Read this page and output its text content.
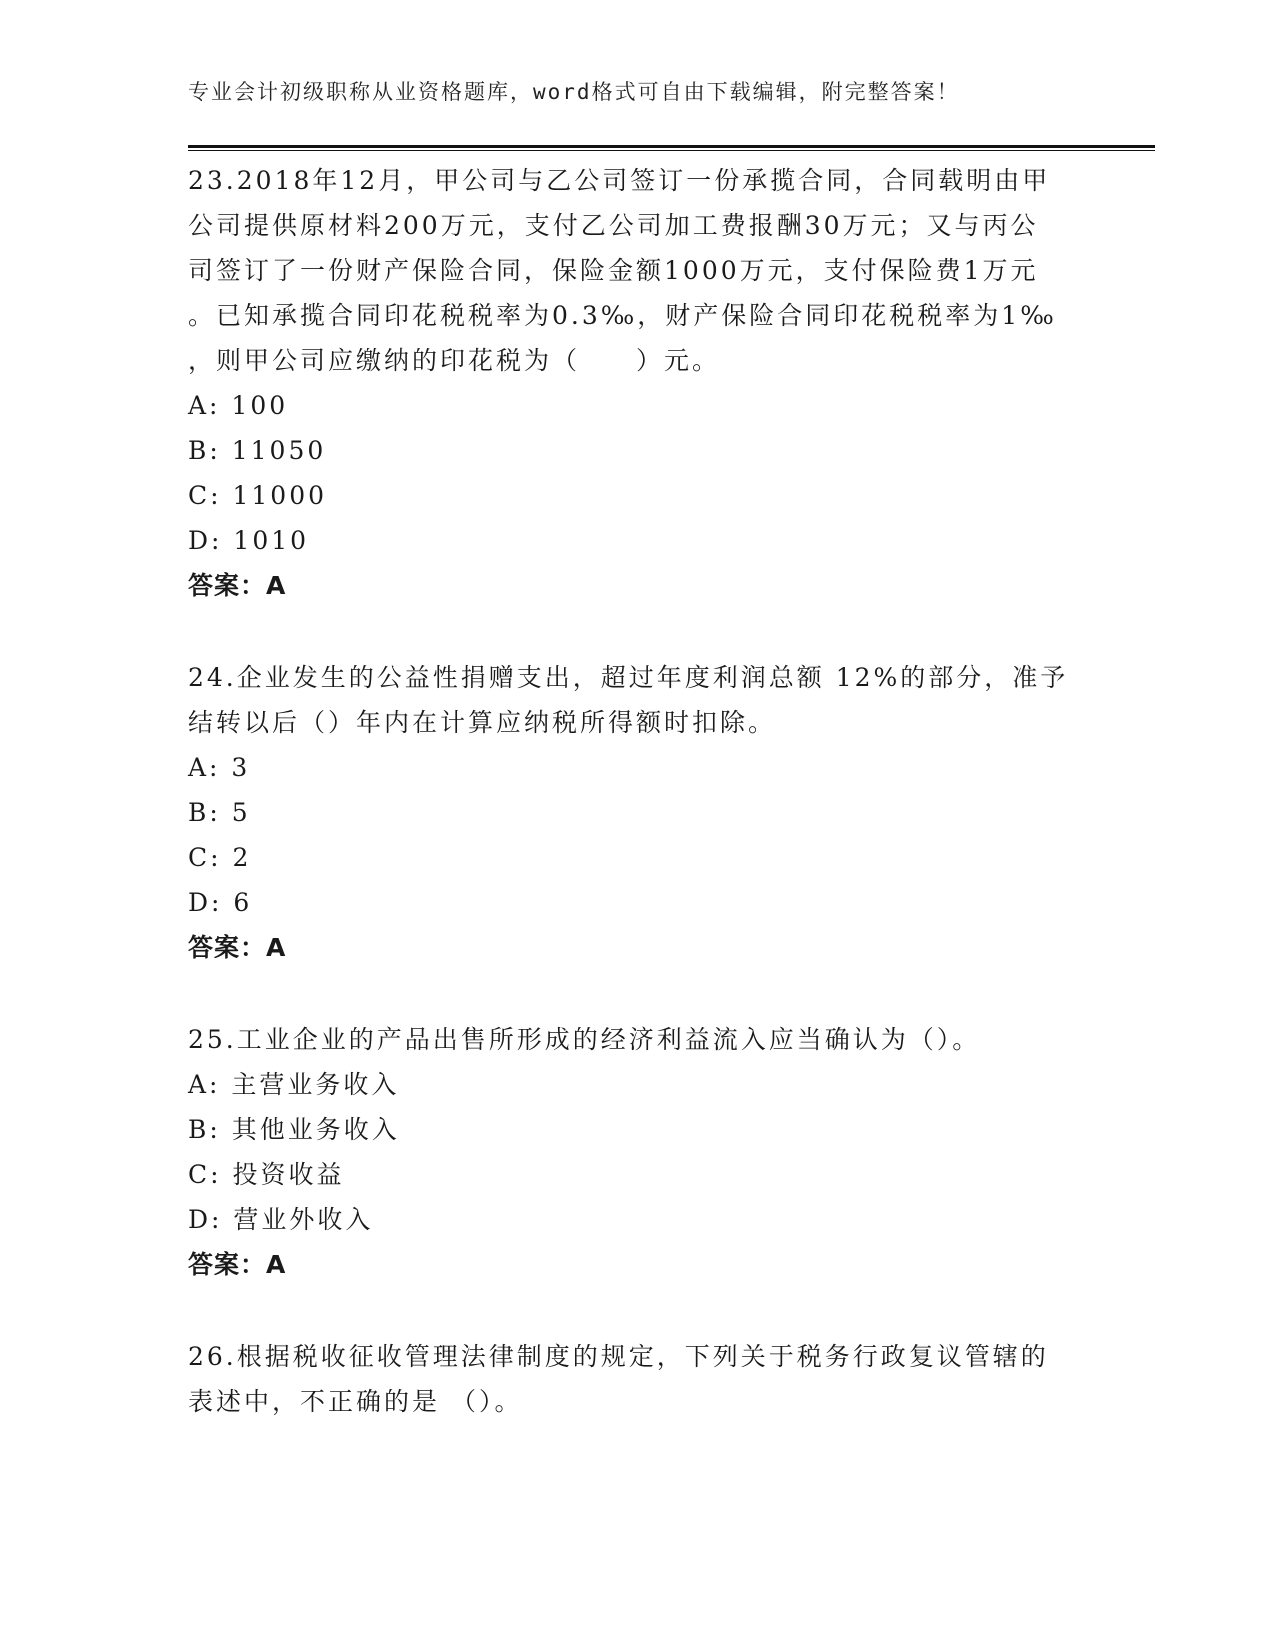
专业会计初级职称从业资格题库，word格式可自由下载编辑，附完整答案！
23.2018年12月，甲公司与乙公司签订一份承揽合同，合同载明由甲
公司提供原材料200万元，支付乙公司加工费报酬30万元；又与丙公
司签订了一份财产保险合同，保险金额1000万元，支付保险费1万元
。已知承揽合同印花税税率为0.3‰，财产保险合同印花税税率为1‰
，则甲公司应缴纳的印花税为（　　）元。
A: 100
B: 11050
C: 11000
D: 1010
答案：A
24.企业发生的公益性捐赠支出，超过年度利润总额 12%的部分，准予
结转以后（）年内在计算应纳税所得额时扣除。
A: 3
B: 5
C: 2
D: 6
答案：A
25.工业企业的产品出售所形成的经济利益流入应当确认为（）。
A: 主营业务收入
B: 其他业务收入
C: 投资收益
D: 营业外收入
答案：A
26.根据税收征收管理法律制度的规定，下列关于税务行政复议管辖的
表述中，不正确的是 （）。
